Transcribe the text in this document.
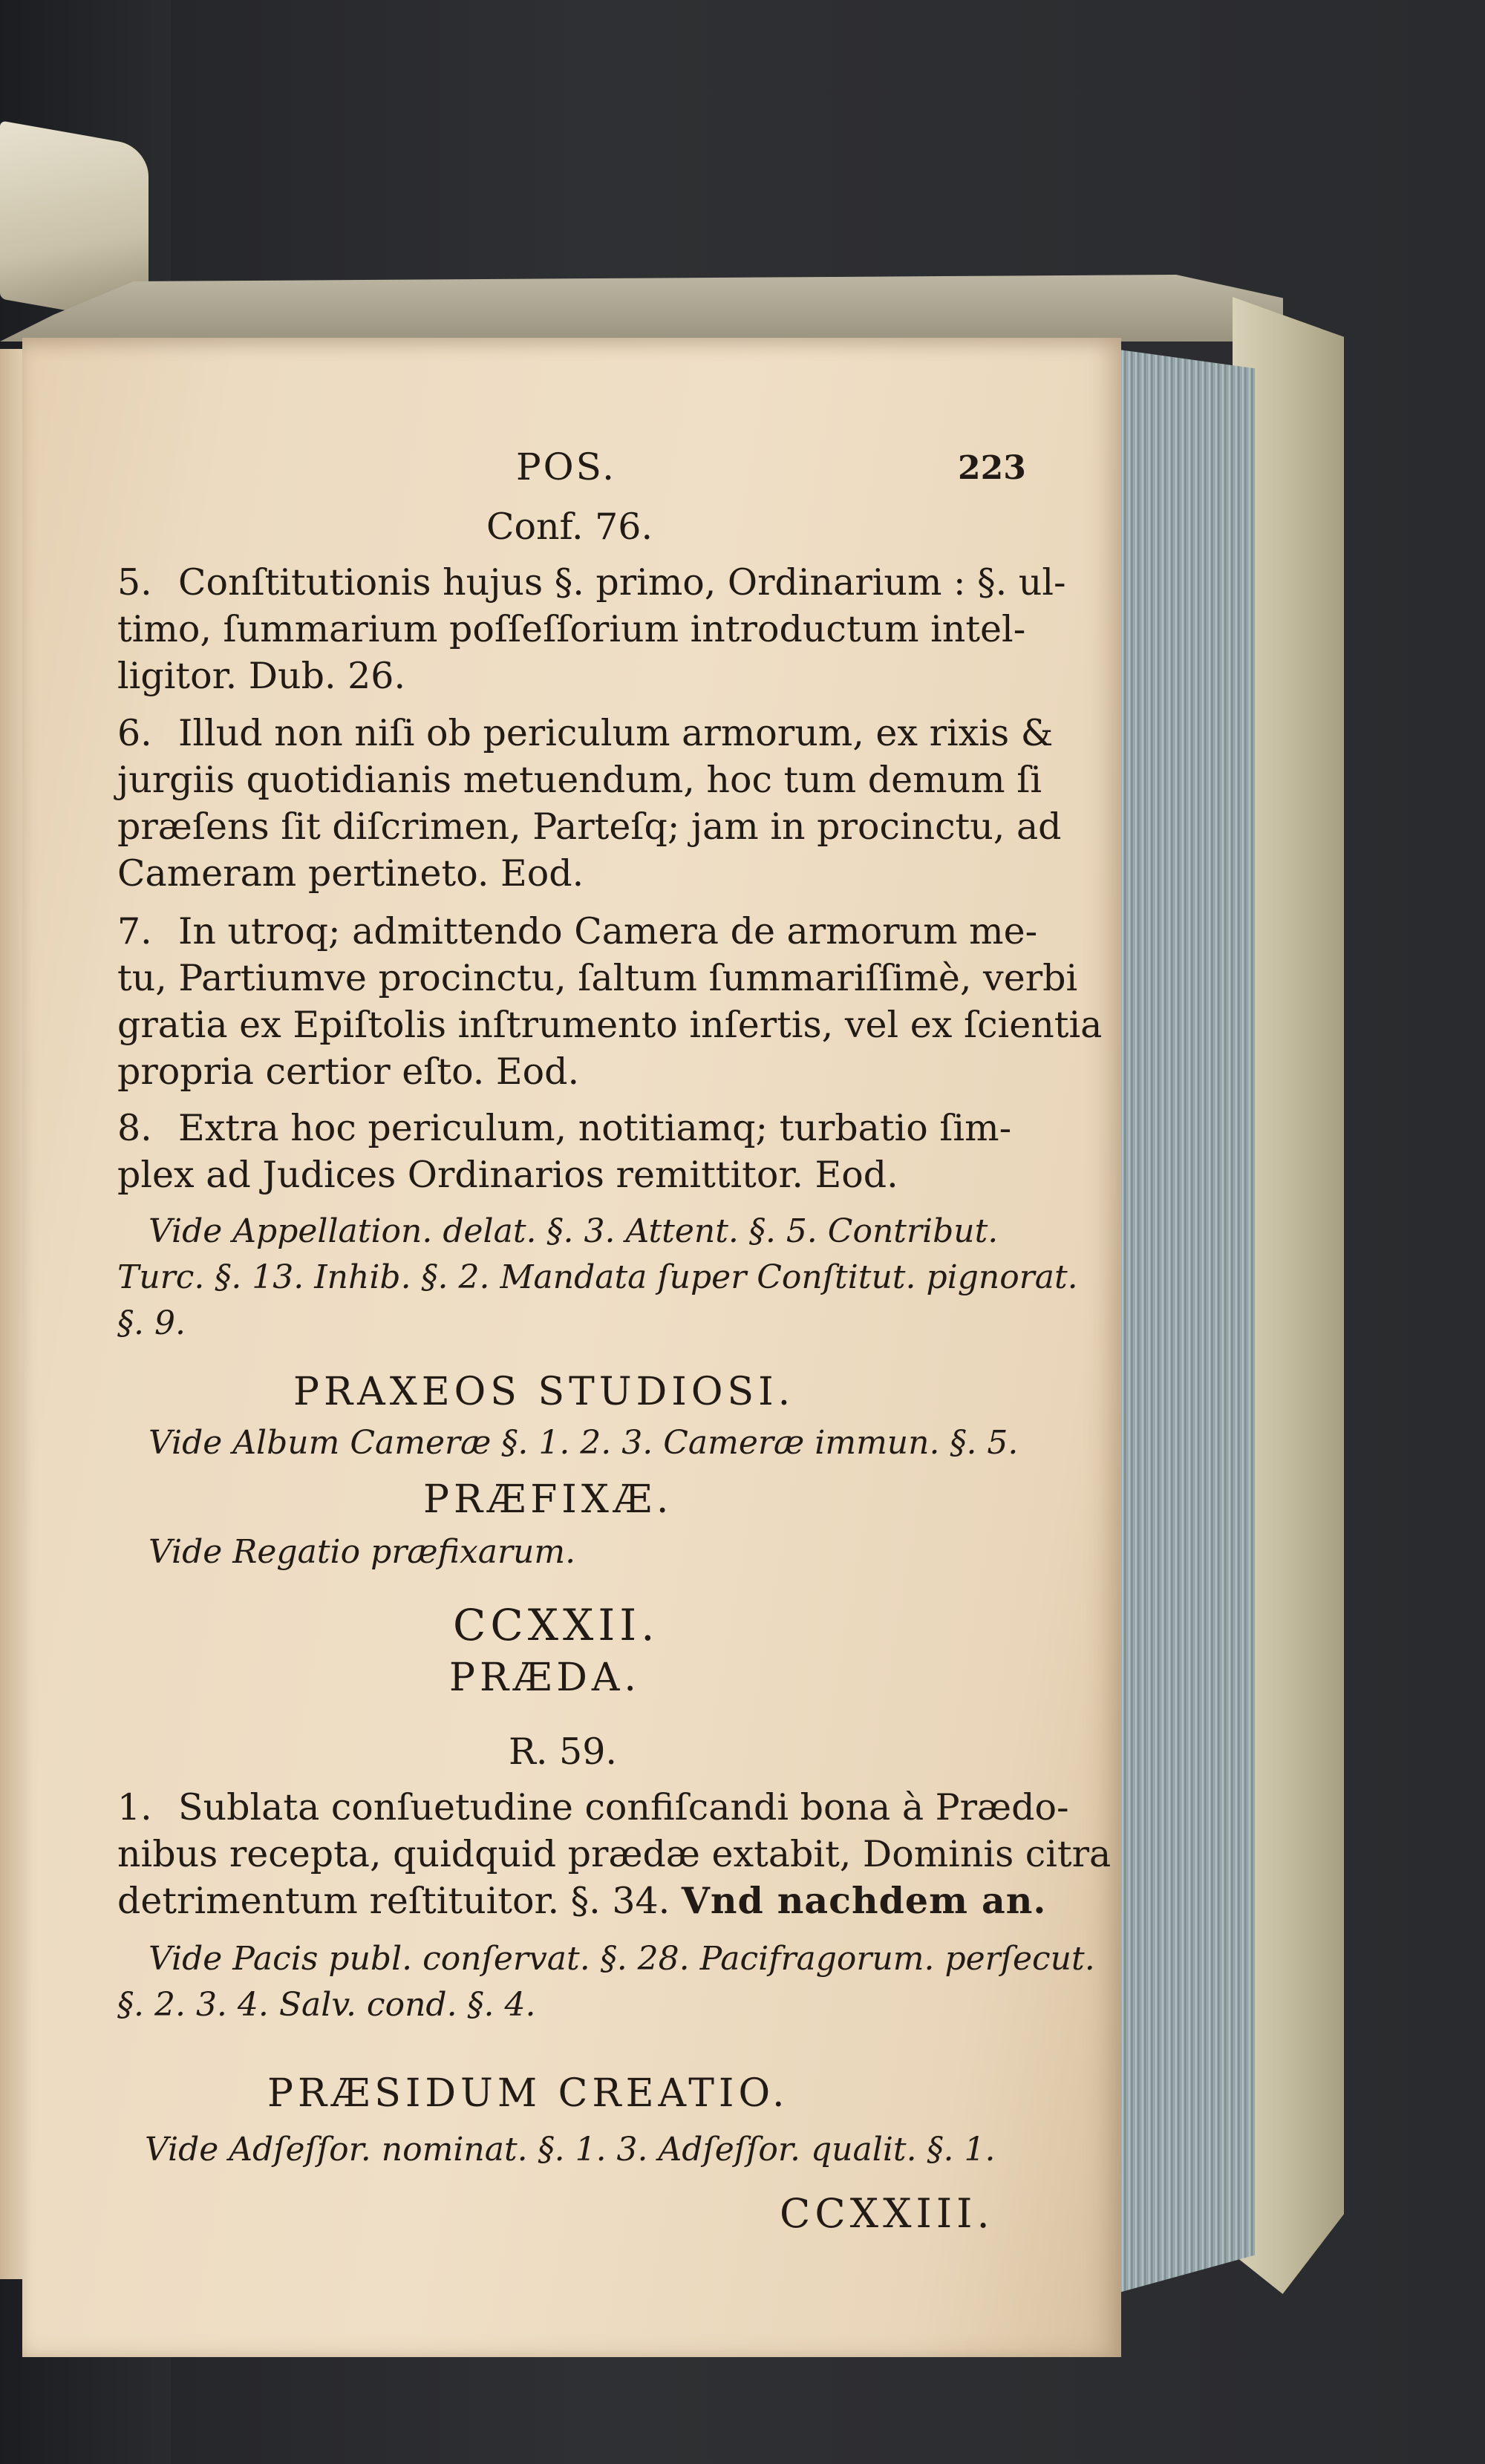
POS.	223
Conf. 76.
5. Conſtitutionis hujus §. primo, Ordinarium : §. ul-
timo, ſummarium poſſeſſorium introductum intel-
ligitor. Dub. 26.
6. Illud non niſi ob periculum armorum, ex rixis &
jurgiis quotidianis metuendum, hoc tum demum ſi
præſens ſit diſcrimen, Parteſq; jam in procinctu, ad
Cameram pertineto. Eod.
7. In utroq; admittendo Camera de armorum me-
tu, Partiumve procinctu, ſaltum ſummariſſimè, verbi
gratia ex Epiſtolis inſtrumento inſertis, vel ex ſcientia
propria certior eſto. Eod.
8. Extra hoc periculum, notitiamq; turbatio ſim-
plex ad Judices Ordinarios remittitor. Eod.
Vide Appellation. delat. §. 3. Attent. §. 5. Contribut.
Turc. §. 13. Inhib. §. 2. Mandata ſuper Conſtitut. pignorat.
§. 9.
PRAXEOS STUDIOSI.
Vide Album Cameræ §. 1. 2. 3. Cameræ immun. §. 5.
PRÆFIXÆ.
Vide Regatio præfixarum.
CCXXII.
PRÆDA.
R. 59.
1. Sublata conſuetudine confiſcandi bona à Prædo-
nibus recepta, quidquid prædæ extabit, Dominis citra
detrimentum reſtituitor. §. 34. Vnd nachdem an.
Vide Pacis publ. conſervat. §. 28. Pacifragorum. perſecut.
§. 2. 3. 4. Salv. cond. §. 4.
PRÆSIDUM CREATIO.
Vide Adſeſſor. nominat. §. 1. 3. Adſeſſor. qualit. §. 1.
CCXXIII.
